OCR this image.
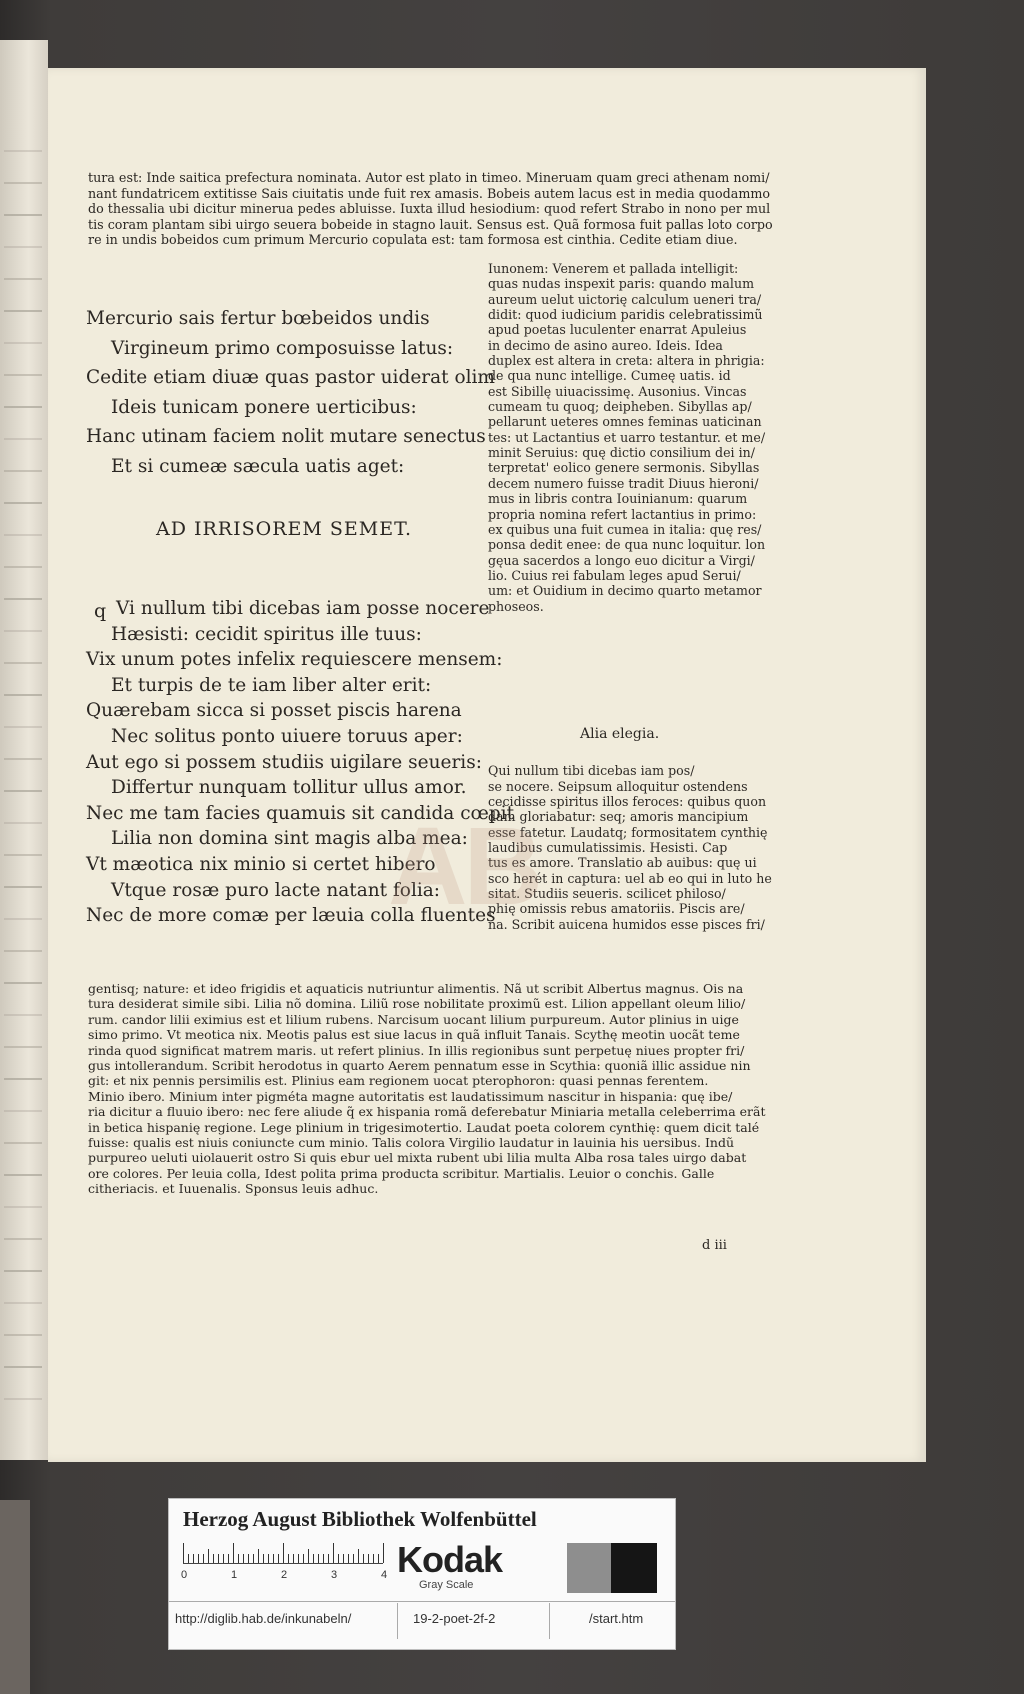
tura est: Inde saitica prefectura nominata. Autor est plato in timeo. Mineruam quam greci athenam nomi/
nant fundatricem extitisse Sais ciuitatis unde fuit rex amasis. Bobeis autem lacus est in media quodammo
do thessalia ubi dicitur minerua pedes abluisse. Iuxta illud hesiodium: quod refert Strabo in nono per mul
tis coram plantam sibi uirgo seuera bobeide in stagno lauit. Sensus est. Quã formosa fuit pallas loto corpo
re in undis bobeidos cum primum Mercurio copulata est: tam formosa est cinthia. Cedite etiam diue.
Mercurio sais fertur bœbeidos undis
Virgineum primo composuisse latus:
Cedite etiam diuæ quas pastor uiderat olim
Ideis tunicam ponere uerticibus:
Hanc utinam faciem nolit mutare senectus
Et si cumeæ sæcula uatis aget:
AD IRRISOREM SEMET.
Iunonem: Venerem et pallada intelligit:
quas nudas inspexit paris: quando malum
aureum uelut uictorię calculum ueneri tra/
didit: quod iudicium paridis celebratissimũ
apud poetas luculenter enarrat Apuleius
in decimo de asino aureo. Ideis. Idea
duplex est altera in creta: altera in phrigia:
de qua nunc intellige. Cumeę uatis. id
est Sibillę uiuacissimę. Ausonius. Vincas
cumeam tu quoq; deipheben. Sibyllas ap/
pellarunt ueteres omnes feminas uaticinan
tes: ut Lactantius et uarro testantur. et me/
minit Seruius: quę dictio consilium dei in/
terpretat' eolico genere sermonis. Sibyllas
decem numero fuisse tradit Diuus hieroni/
mus in libris contra Iouinianum: quarum
propria nomina refert lactantius in primo:
ex quibus una fuit cumea in italia: quę res/
ponsa dedit enee: de qua nunc loquitur. lon
gęua sacerdos a longo euo dicitur a Virgi/
lio. Cuius rei fabulam leges apud Serui/
um: et Ouidium in decimo quarto metamor
phoseos.
q Vi nullum tibi dicebas iam posse nocere
Hæsisti: cecidit spiritus ille tuus:
Vix unum potes infelix requiescere mensem:
Et turpis de te iam liber alter erit:
Quærebam sicca si posset piscis harena
Nec solitus ponto uiuere toruus aper:
Aut ego si possem studiis uigilare seueris:
Differtur nunquam tollitur ullus amor.
Nec me tam facies quamuis sit candida cœpit
Lilia non domina sint magis alba mea:
Vt mæotica nix minio si certet hibero
Vtque rosæ puro lacte natant folia:
Nec de more comæ per læuia colla fluentes
Alia elegia.

Qui nullum tibi dicebas iam pos/
se nocere. Seipsum alloquitur ostendens
cecidisse spiritus illos feroces: quibus quon
dam gloriabatur: seq; amoris mancipium
esse fatetur. Laudatq; formositatem cynthię
laudibus cumulatissimis. Hesisti. Cap
tus es amore. Translatio ab auibus: quę ui
sco herét in captura: uel ab eo qui in luto he
sitat. Studiis seueris. scilicet philoso/
phię omissis rebus amatoriis. Piscis are/
na. Scribit auicena humidos esse pisces fri/
AB
gentisq; nature: et ideo frigidis et aquaticis nutriuntur alimentis. Nã ut scribit Albertus magnus. Ois na
tura desiderat simile sibi. Lilia nõ domina. Liliũ rose nobilitate proximũ est. Lilion appellant oleum lilio/
rum. candor lilii eximius est et lilium rubens. Narcisum uocant lilium purpureum. Autor plinius in uige
simo primo. Vt meotica nix. Meotis palus est siue lacus in quã influit Tanais. Scythę meotin uocãt teme
rinda quod significat matrem maris. ut refert plinius. In illis regionibus sunt perpetuę niues propter fri/
gus intollerandum. Scribit herodotus in quarto Aerem pennatum esse in Scythia: quoniã illic assidue nin
git: et nix pennis persimilis est. Plinius eam regionem uocat pterophoron: quasi pennas ferentem.
Minio ibero. Minium inter pigméta magne autoritatis est laudatissimum nascitur in hispania: quę ibe/
ria dicitur a fluuio ibero: nec fere aliude q̃ ex hispania romã deferebatur Miniaria metalla celeberrima erãt
in betica hispanię regione. Lege plinium in trigesimotertio. Laudat poeta colorem cynthię: quem dicit talé
fuisse: qualis est niuis coniuncte cum minio. Talis colora Virgilio laudatur in lauinia his uersibus. Indũ
purpureo ueluti uiolauerit ostro Si quis ebur uel mixta rubent ubi lilia multa Alba rosa tales uirgo dabat
ore colores. Per leuia colla, Idest polita prima producta scribitur. Martialis. Leuior o conchis. Galle
citheriacis. et Iuuenalis. Sponsus leuis adhuc.
d iii
Herzog August Bibliothek Wolfenbüttel
0	1	2	3	4 Kodak
Gray Scale
http://diglib.hab.de/inkunabeln/	19-2-poet-2f-2	/start.htm
